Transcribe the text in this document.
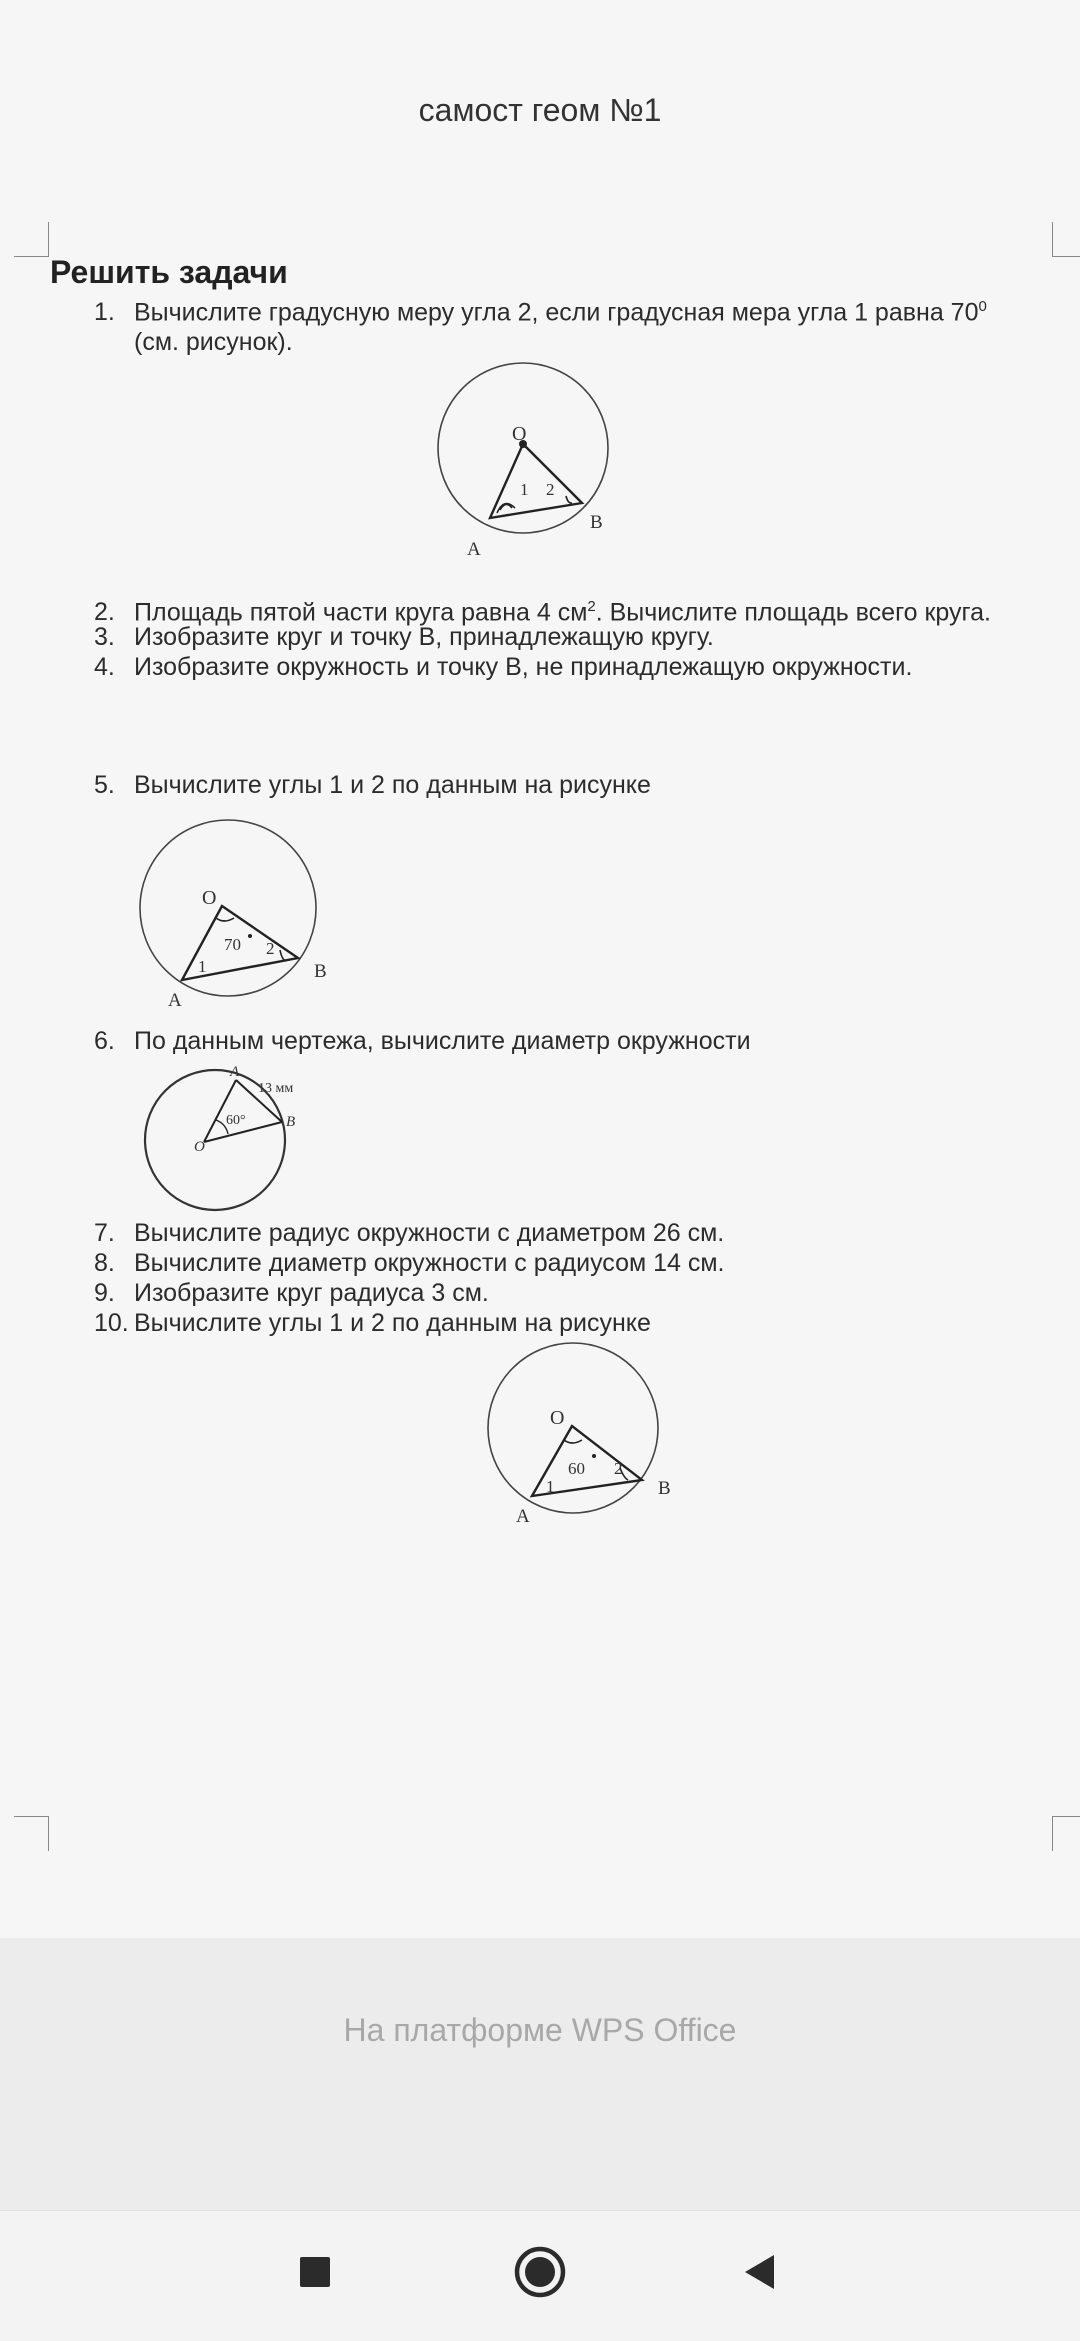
самост геом №1
Решить задачи
1. Вычислите градусную меру угла 2, если градусная мера угла 1 равна $70^0$
(см. рисунок).
O
1 2
A
B
2. Площадь пятой части круга равна 4 $см^2$. Вычислите площадь всего круга.
3. Изобразите круг и точку В, принадлежащую кругу.
4. Изобразите окружность и точку В, не принадлежащую окружности.
5. Вычислите углы 1 и 2 по данным на рисунке
O
70
1
2
A
B
6. По данным чертежа, вычислите диаметр окружности
A
13 мм
60°	B
O
7. Вычислите радиус окружности с диаметром 26 см.
8. Вычислите диаметр окружности с радиусом 14 см.
9. Изобразите круг радиуса 3 см.
10. Вычислите углы 1 и 2 по данным на рисунке
O
60
1
2
A
B
На платформе WPS Office
